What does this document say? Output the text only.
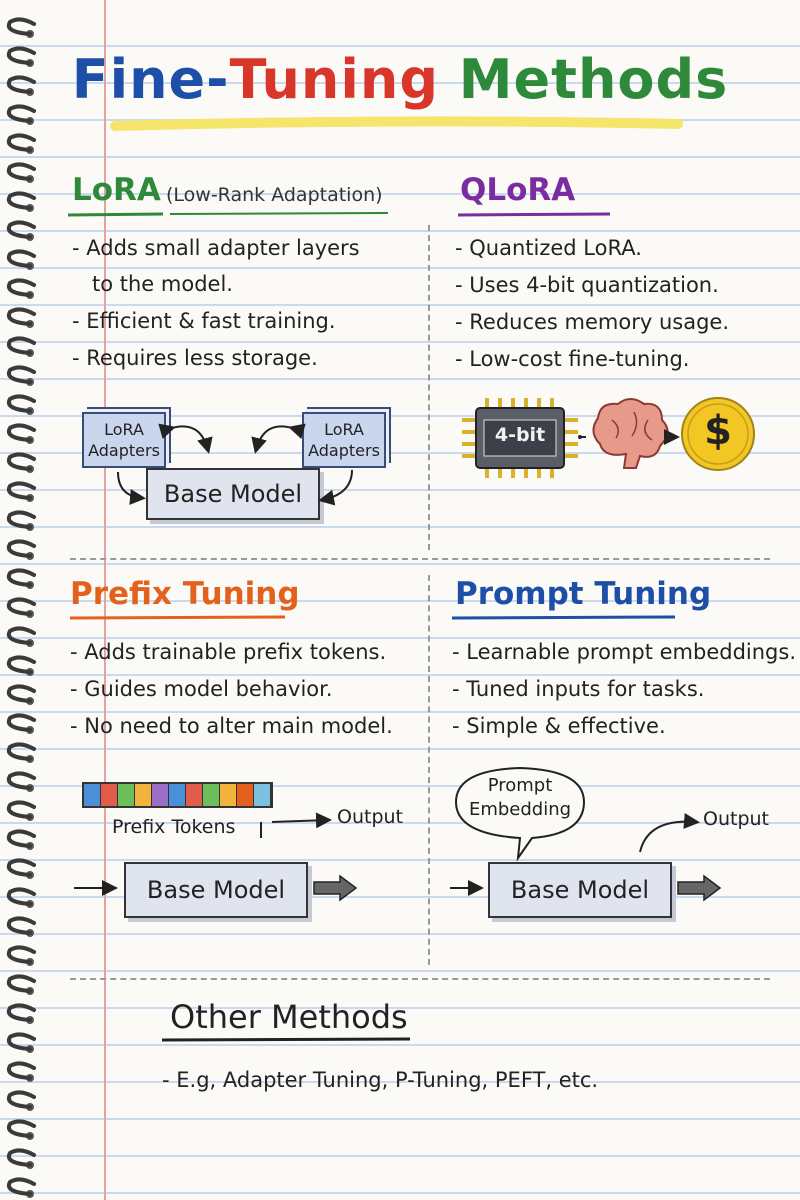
Fine-Tuning Methods
LoRA (Low-Rank Adaptation)
- Adds small adapter layers
to the model.
- Efficient & fast training.
- Requires less storage.
LoRA Adapters
LoRA Adapters
Base Model
QLoRA
- Quantized LoRA.
- Uses 4-bit quantization.
- Reduces memory usage.
- Low-cost fine-tuning.
4-bit	$
Prefix Tuning
- Adds trainable prefix tokens.
- Guides model behavior.
- No need to alter main model.
Prefix Tokens	Output
Base Model
Prompt Tuning
- Learnable prompt embeddings.
- Tuned inputs for tasks.
- Simple & effective.
Prompt
Embedding	Output
Base Model
Other Methods
- E.g, Adapter Tuning, P-Tuning, PEFT, etc.
